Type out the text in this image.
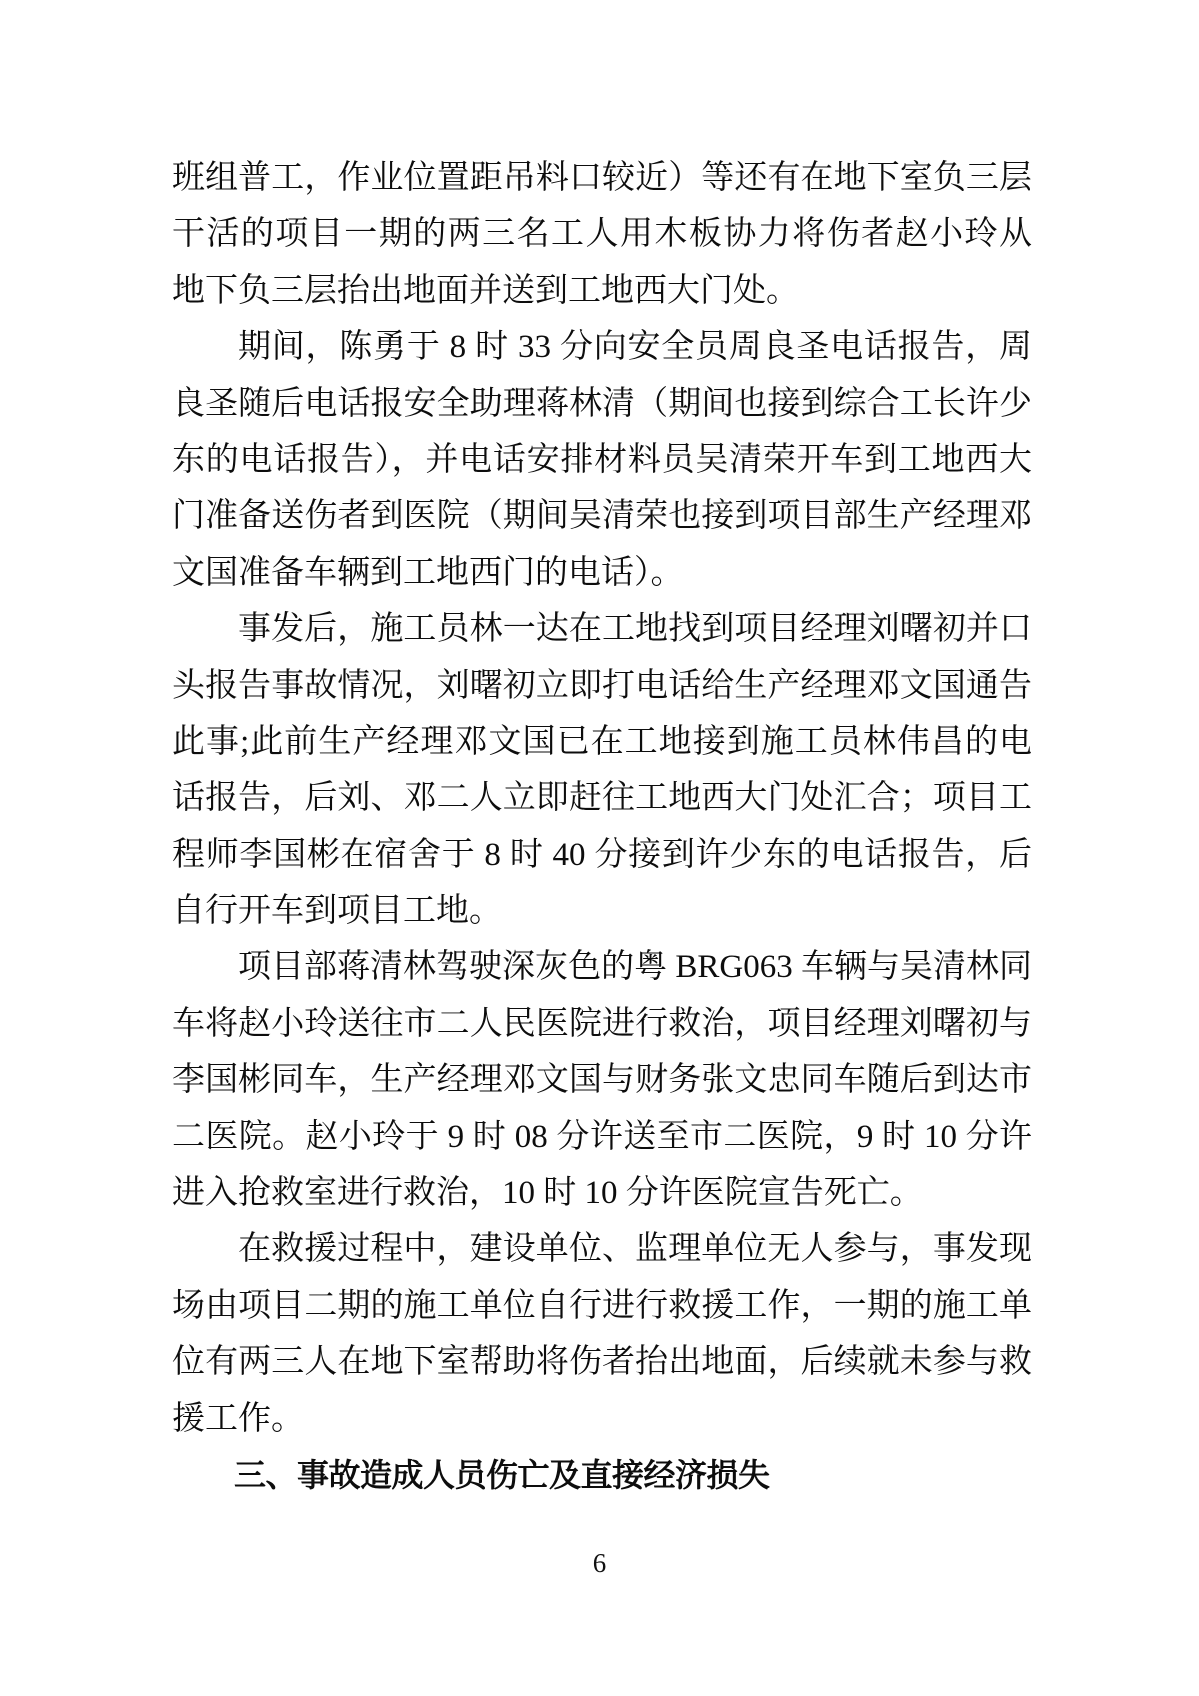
班组普工，作业位置距吊料口较近）等还有在地下室负三层
干活的项目一期的两三名工人用木板协力将伤者赵小玲从
地下负三层抬出地面并送到工地西大门处。
期间，陈勇于 8 时 33 分向安全员周良圣电话报告，周
良圣随后电话报安全助理蒋林清（期间也接到综合工长许少
东的电话报告），并电话安排材料员吴清荣开车到工地西大
门准备送伤者到医院（期间吴清荣也接到项目部生产经理邓
文国准备车辆到工地西门的电话）。
事发后，施工员林一达在工地找到项目经理刘曙初并口
头报告事故情况，刘曙初立即打电话给生产经理邓文国通告
此事;此前生产经理邓文国已在工地接到施工员林伟昌的电
话报告，后刘、邓二人立即赶往工地西大门处汇合；项目工
程师李国彬在宿舍于 8 时 40 分接到许少东的电话报告，后
自行开车到项目工地。
项目部蒋清林驾驶深灰色的粤 BRG063 车辆与吴清林同
车将赵小玲送往市二人民医院进行救治，项目经理刘曙初与
李国彬同车，生产经理邓文国与财务张文忠同车随后到达市
二医院。赵小玲于 9 时 08 分许送至市二医院，9 时 10 分许
进入抢救室进行救治，10 时 10 分许医院宣告死亡。
在救援过程中，建设单位、监理单位无人参与，事发现
场由项目二期的施工单位自行进行救援工作，一期的施工单
位有两三人在地下室帮助将伤者抬出地面，后续就未参与救
援工作。
三、事故造成人员伤亡及直接经济损失
6
